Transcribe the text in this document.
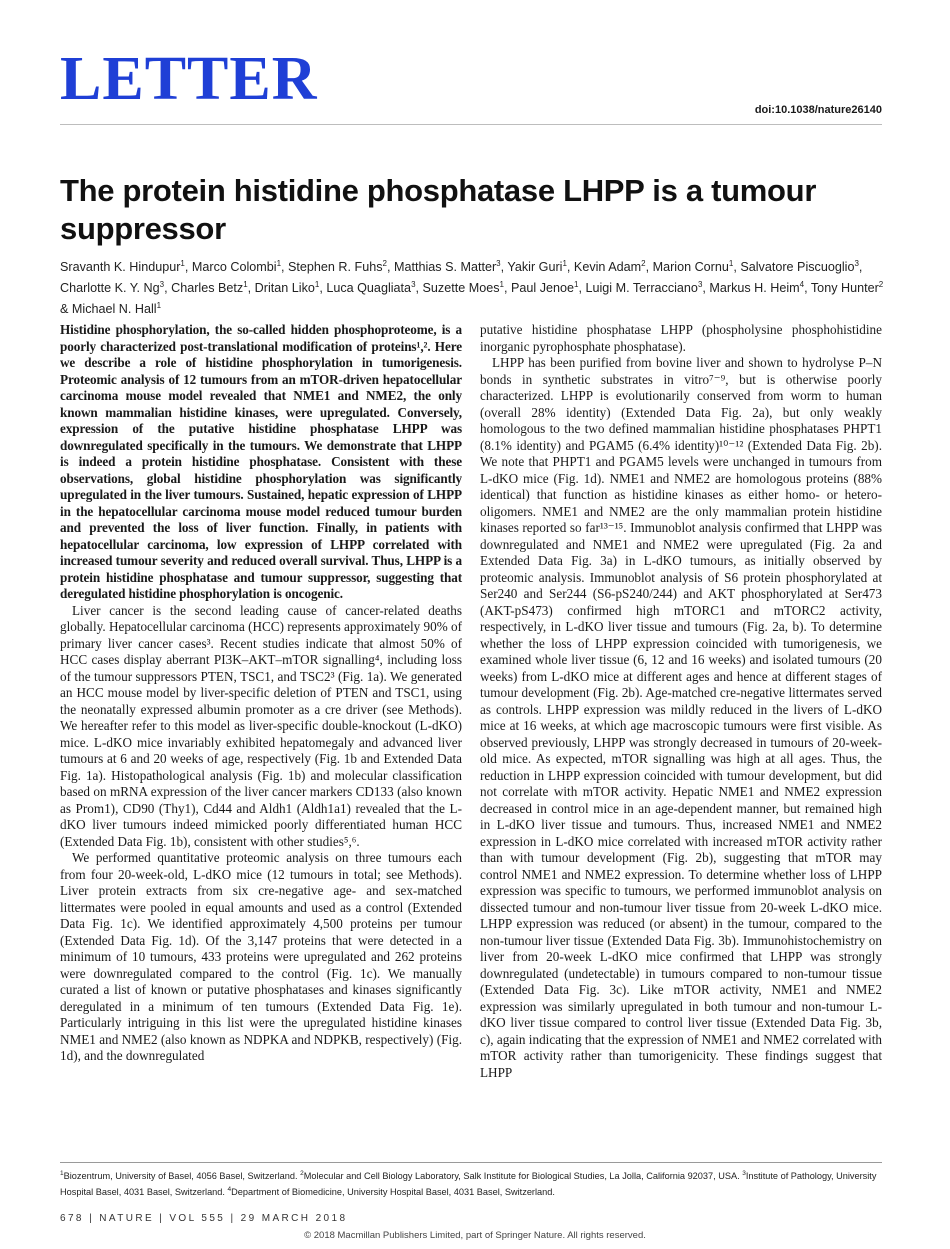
LETTER	doi:10.1038/nature26140
The protein histidine phosphatase LHPP is a tumour suppressor

Sravanth K. Hindupur$^1$, Marco Colombi$^1$, Stephen R. Fuhs$^2$, Matthias S. Matter$^3$, Yakir Guri$^1$, Kevin Adam$^2$, Marion Cornu$^1$, Salvatore Piscuoglio$^3$, Charlotte K. Y. Ng$^3$, Charles Betz$^1$, Dritan Liko$^1$, Luca Quagliata$^3$, Suzette Moes$^1$, Paul Jenoe$^1$, Luigi M. Terracciano$^3$, Markus H. Heim$^4$, Tony Hunter$^2$ & Michael N. Hall$^1$

Histidine phosphorylation, the so-called hidden phosphoproteome, is a poorly characterized post-translational modification of proteins¹,². Here we describe a role of histidine phosphorylation in tumorigenesis. Proteomic analysis of 12 tumours from an mTOR-driven hepatocellular carcinoma mouse model revealed that NME1 and NME2, the only known mammalian histidine kinases, were upregulated. Conversely, expression of the putative histidine phosphatase LHPP was downregulated specifically in the tumours. We demonstrate that LHPP is indeed a protein histidine phosphatase. Consistent with these observations, global histidine phosphorylation was significantly upregulated in the liver tumours. Sustained, hepatic expression of LHPP in the hepatocellular carcinoma mouse model reduced tumour burden and prevented the loss of liver function. Finally, in patients with hepatocellular carcinoma, low expression of LHPP correlated with increased tumour severity and reduced overall survival. Thus, LHPP is a protein histidine phosphatase and tumour suppressor, suggesting that deregulated histidine phosphorylation is oncogenic.

Liver cancer is the second leading cause of cancer-related deaths globally. Hepatocellular carcinoma (HCC) represents approximately 90% of primary liver cancer cases³. Recent studies indicate that almost 50% of HCC cases display aberrant PI3K–AKT–mTOR signalling⁴, including loss of the tumour suppressors PTEN, TSC1, and TSC2³ (Fig. 1a). We generated an HCC mouse model by liver-specific deletion of PTEN and TSC1, using the neonatally expressed albumin promoter as a cre driver (see Methods). We hereafter refer to this model as liver-specific double-knockout (L-dKO) mice. L-dKO mice invariably exhibited hepatomegaly and advanced liver tumours at 6 and 20 weeks of age, respectively (Fig. 1b and Extended Data Fig. 1a). Histopathological analysis (Fig. 1b) and molecular classification based on mRNA expression of the liver cancer markers CD133 (also known as Prom1), CD90 (Thy1), Cd44 and Aldh1 (Aldh1a1) revealed that the L-dKO liver tumours indeed mimicked poorly differentiated human HCC (Extended Data Fig. 1b), consistent with other studies⁵,⁶.

We performed quantitative proteomic analysis on three tumours each from four 20-week-old, L-dKO mice (12 tumours in total; see Methods). Liver protein extracts from six cre-negative age- and sex-matched littermates were pooled in equal amounts and used as a control (Extended Data Fig. 1c). We identified approximately 4,500 proteins per tumour (Extended Data Fig. 1d). Of the 3,147 proteins that were detected in a minimum of 10 tumours, 433 proteins were upregulated and 262 proteins were downregulated compared to the control (Fig. 1c). We manually curated a list of known or putative phosphatases and kinases significantly deregulated in a minimum of ten tumours (Extended Data Fig. 1e). Particularly intriguing in this list were the upregulated histidine kinases NME1 and NME2 (also known as NDPKA and NDPKB, respectively) (Fig. 1d), and the downregulated

putative histidine phosphatase LHPP (phospholysine phosphohistidine inorganic pyrophosphate phosphatase).

LHPP has been purified from bovine liver and shown to hydrolyse P–N bonds in synthetic substrates in vitro⁷⁻⁹, but is otherwise poorly characterized. LHPP is evolutionarily conserved from worm to human (overall 28% identity) (Extended Data Fig. 2a), but only weakly homologous to the two defined mammalian histidine phosphatases PHPT1 (8.1% identity) and PGAM5 (6.4% identity)¹⁰⁻¹² (Extended Data Fig. 2b). We note that PHPT1 and PGAM5 levels were unchanged in tumours from L-dKO mice (Fig. 1d). NME1 and NME2 are homologous proteins (88% identical) that function as histidine kinases as either homo- or hetero-oligomers. NME1 and NME2 are the only mammalian protein histidine kinases reported so far¹³⁻¹⁵. Immunoblot analysis confirmed that LHPP was downregulated and NME1 and NME2 were upregulated (Fig. 2a and Extended Data Fig. 3a) in L-dKO tumours, as initially observed by proteomic analysis. Immunoblot analysis of S6 protein phosphorylated at Ser240 and Ser244 (S6-pS240/244) and AKT phosphorylated at Ser473 (AKT-pS473) confirmed high mTORC1 and mTORC2 activity, respectively, in L-dKO liver tissue and tumours (Fig. 2a, b). To determine whether the loss of LHPP expression coincided with tumorigenesis, we examined whole liver tissue (6, 12 and 16 weeks) and isolated tumours (20 weeks) from L-dKO mice at different ages and hence at different stages of tumour development (Fig. 2b). Age-matched cre-negative littermates served as controls. LHPP expression was mildly reduced in the livers of L-dKO mice at 16 weeks, at which age macroscopic tumours were first visible. As observed previously, LHPP was strongly decreased in tumours of 20-week-old mice. As expected, mTOR signalling was high at all ages. Thus, the reduction in LHPP expression coincided with tumour development, but did not correlate with mTOR activity. Hepatic NME1 and NME2 expression decreased in control mice in an age-dependent manner, but remained high in L-dKO liver tissue and tumours. Thus, increased NME1 and NME2 expression in L-dKO mice correlated with increased mTOR activity rather than with tumour development (Fig. 2b), suggesting that mTOR may control NME1 and NME2 expression. To determine whether loss of LHPP expression was specific to tumours, we performed immunoblot analysis on dissected tumour and non-tumour liver tissue from 20-week L-dKO mice. LHPP expression was reduced (or absent) in the tumour, compared to the non-tumour liver tissue (Extended Data Fig. 3b). Immunohistochemistry on liver from 20-week L-dKO mice confirmed that LHPP was strongly downregulated (undetectable) in tumours compared to non-tumour tissue (Extended Data Fig. 3c). Like mTOR activity, NME1 and NME2 expression was similarly upregulated in both tumour and non-tumour L-dKO liver tissue compared to control liver tissue (Extended Data Fig. 3b, c), again indicating that the expression of NME1 and NME2 correlated with mTOR activity rather than tumorigenicity. These findings suggest that LHPP

$^1$Biozentrum, University of Basel, 4056 Basel, Switzerland. $^2$Molecular and Cell Biology Laboratory, Salk Institute for Biological Studies, La Jolla, California 92037, USA. $^3$Institute of Pathology, University Hospital Basel, 4031 Basel, Switzerland. $^4$Department of Biomedicine, University Hospital Basel, 4031 Basel, Switzerland.

678 | NATURE | VOL 555 | 29 MARCH 2018
© 2018 Macmillan Publishers Limited, part of Springer Nature. All rights reserved.
